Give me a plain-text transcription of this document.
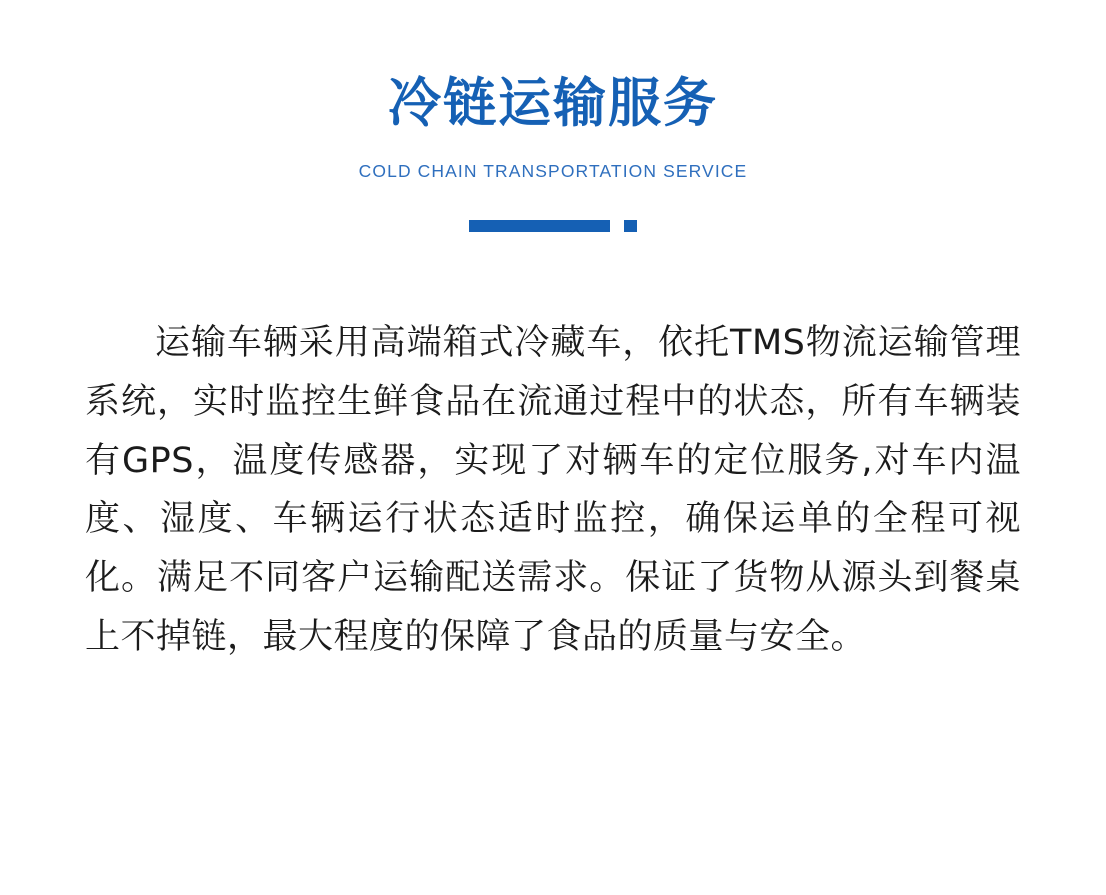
冷链运输服务

COLD CHAIN TRANSPORTATION SERVICE

运输车辆采用高端箱式冷藏车，依托TMS物流运输管理系统，实时监控生鲜食品在流通过程中的状态，所有车辆装有GPS，温度传感器，实现了对辆车的定位服务,对车内温度、湿度、车辆运行状态适时监控，确保运单的全程可视化。满足不同客户运输配送需求。保证了货物从源头到餐桌上不掉链，最大程度的保障了食品的质量与安全。
